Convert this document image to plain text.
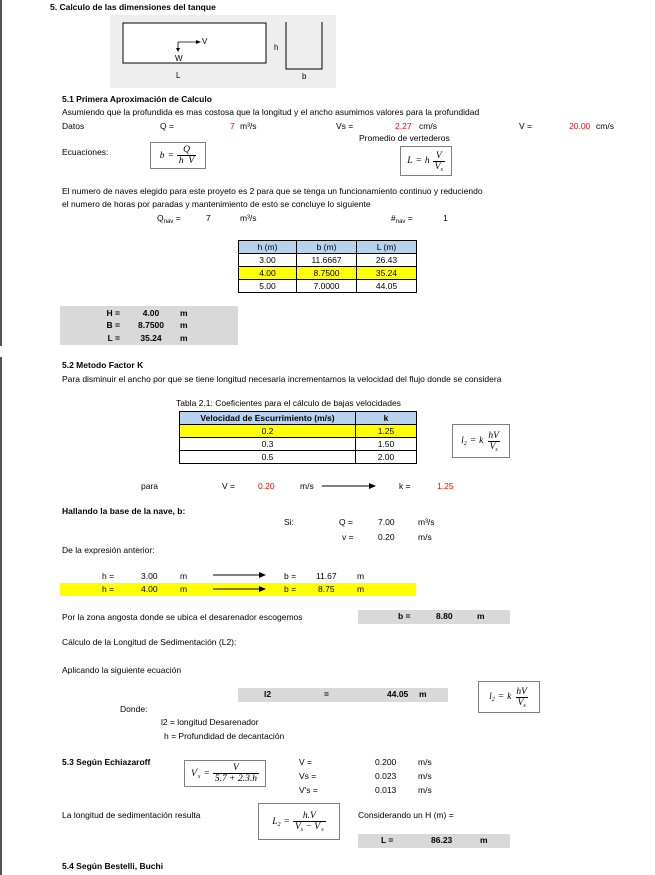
5. Calculo de las dimensiones del tanque
V
W
L
h
b
5.1 Primera Aproximación de Calculo
Asumiendo que la profundida es mas costosa que la longitud y el ancho asumimos valores para la profundidad
Datos	Q =	7 m³/s	Vs =	2.27 cm/s	V =	20.00 cm/s
Promedio de vertederos
Ecuaciones:	$b = \frac{Q}{\text{h  V}}$	L = h $\frac{V}{V_s}$
El numero de naves elegido para este proyeto es 2 para que se tenga un funcionamiento continuo y reduciendo
el numero de horas por paradas y mantenimiento de esto se concluye lo siguiente
$Q_{nav}$ =	7	m³/s	$\#_{nav}$ =	1
h (m)	b (m)	L (m)
3.00	11.6667	26.43
4.00	8.7500	35.24
5.00	7.0000	44.05
H =	4.00	m
B =	8.7500	m
L =	35.24	m
5.2 Metodo Factor K
Para disminuir el ancho por que se tiene longitud necesaria incrementamos la velocidad del flujo donde se considera
Tabla 2.1: Coeficientes para el cálculo de bajas velocidades
Velocidad de Escurrimiento (m/s)	k
0.2	1.25
0.3	1.50
0.5	2.00
$l_2 = k \frac{hV}{V_s}$
para	V =	0.20	m/s	k =	1.25
Hallando la base de la nave, b:
Si:	Q =	7.00	m³/s
v =	0.20	m/s
De la expresión anterior:
h =	3.00	m	b = 11.67 m
h =	4.00	m	b =	8.75	m
Por la zona angosta donde se ubica el desarenador escogemos	b =	8.80	m
Cálculo de la Longitud de Sedimentación (L2):
Aplicando la siguiente ecuación
l2	=	44.05 m	$l_2 = k \frac{hV}{V_s}$
Donde:
l2 = longitud Desarenador
h = Profundidad de decantación
5.3 Según Echiazaroff
$V'_s = \frac{V}{5.7 + 2.3.h}$
V =	0.200	m/s
Vs =	0.023	m/s
V's =	0.013	m/s
La longitud de sedimentación resulta
$L_2 = \frac{h.V}{V_s - V'_s}$	Considerando un H (m) =
L =	86.23	m
5.4 Según Bestelli, Buchi
